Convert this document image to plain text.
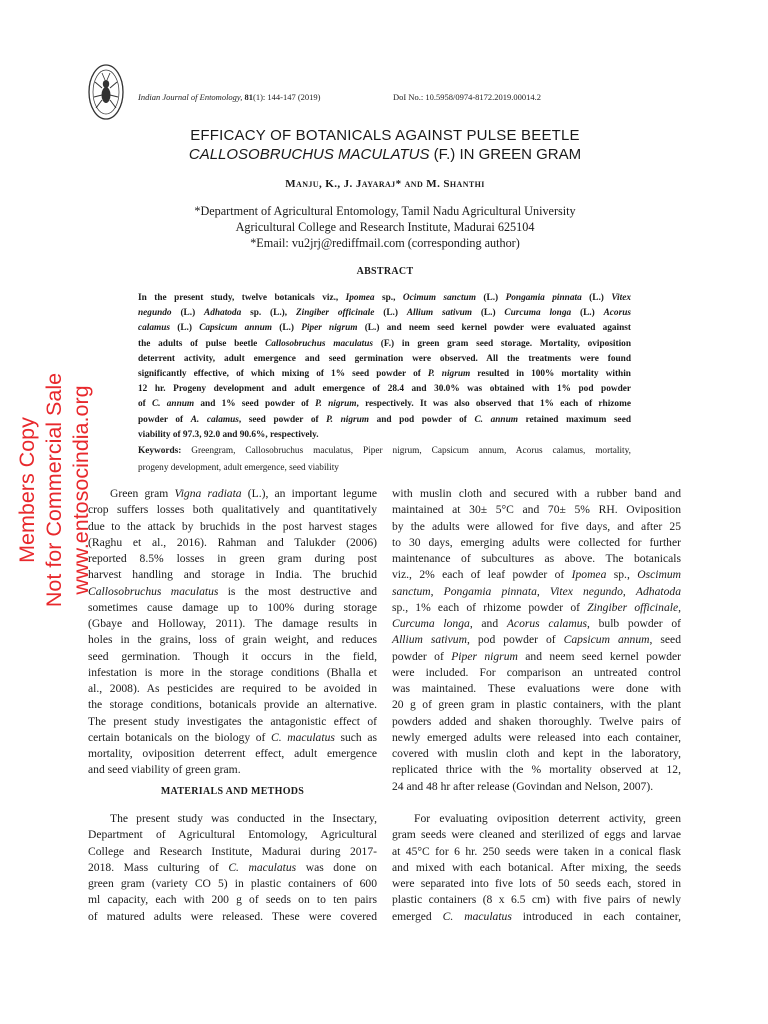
Indian Journal of Entomology, 81(1): 144-147 (2019)	DoI No.: 10.5958/0974-8172.2019.00014.2
Members Copy Not for Commercial Sale www.entosocindia.org
EFFICACY OF BOTANICALS AGAINST PULSE BEETLE
CALLOSOBRUCHUS MACULATUS (F.) IN GREEN GRAM
Manju, K., J. Jayaraj* and M. Shanthi
*Department of Agricultural Entomology, Tamil Nadu Agricultural University
Agricultural College and Research Institute, Madurai 625104
*Email: vu2jrj@rediffmail.com (corresponding author)
ABSTRACT
In the present study, twelve botanicals viz., Ipomea sp., Ocimum sanctum (L.) Pongamia pinnata (L.) Vitex
negundo (L.) Adhatoda sp. (L.), Zingiber officinale (L.) Allium sativum (L.) Curcuma longa (L.) Acorus
calamus (L.) Capsicum annum (L.) Piper nigrum (L.) and neem seed kernel powder were evaluated against
the adults of pulse beetle Callosobruchus maculatus (F.) in green gram seed storage. Mortality, oviposition
deterrent activity, adult emergence and seed germination were observed. All the treatments were found
significantly effective, of which mixing of 1% seed powder of P. nigrum resulted in 100% mortality within
12 hr. Progeny development and adult emergence of 28.4 and 30.0% was obtained with 1% pod powder
of C. annum and 1% seed powder of P. nigrum, respectively. It was also observed that 1% each of rhizome
powder of A. calamus, seed powder of P. nigrum and pod powder of C. annum retained maximum seed
viability of 97.3, 92.0 and 90.6%, respectively.
Keywords: Greengram, Callosobruchus maculatus, Piper nigrum, Capsicum annum, Acorus calamus, mortality,
progeny development, adult emergence, seed viability
Green gram Vigna radiata (L.), an important legume
crop suffers losses both qualitatively and quantitatively
due to the attack by bruchids in the post harvest stages
(Raghu et al., 2016). Rahman and Talukder (2006)
reported 8.5% losses in green gram during post
harvest handling and storage in India. The bruchid
Callosobruchus maculatus is the most destructive and
sometimes cause damage up to 100% during storage
(Gbaye and Holloway, 2011). The damage results in
holes in the grains, loss of grain weight, and reduces
seed germination. Though it occurs in the field,
infestation is more in the storage conditions (Bhalla et
al., 2008). As pesticides are required to be avoided in
the storage conditions, botanicals provide an alternative.
The present study investigates the antagonistic effect of
certain botanicals on the biology of C. maculatus such as
mortality, oviposition deterrent effect, adult emergence
and seed viability of green gram.
MATERIALS AND METHODS
The present study was conducted in the Insectary,
Department of Agricultural Entomology, Agricultural
College and Research Institute, Madurai during 2017-
2018. Mass culturing of C. maculatus was done on
green gram (variety CO 5) in plastic containers of 600
ml capacity, each with 200 g of seeds on to ten pairs
of matured adults were released. These were covered
with muslin cloth and secured with a rubber band and
maintained at 30± 5°C and 70± 5% RH. Oviposition
by the adults were allowed for five days, and after 25
to 30 days, emerging adults were collected for further
maintenance of subcultures as above. The botanicals
viz., 2% each of leaf powder of Ipomea sp., Oscimum
sanctum, Pongamia pinnata, Vitex negundo, Adhatoda
sp., 1% each of rhizome powder of Zingiber officinale,
Curcuma longa, and Acorus calamus, bulb powder of
Allium sativum, pod powder of Capsicum annum, seed
powder of Piper nigrum and neem seed kernel powder
were included. For comparison an untreated control
was maintained. These evaluations were done with
20 g of green gram in plastic containers, with the plant
powders added and shaken thoroughly. Twelve pairs of
newly emerged adults were released into each container,
covered with muslin cloth and kept in the laboratory,
replicated thrice with the % mortality observed at 12,
24 and 48 hr after release (Govindan and Nelson, 2007).
For evaluating oviposition deterrent activity, green
gram seeds were cleaned and sterilized of eggs and larvae
at 45°C for 6 hr. 250 seeds were taken in a conical flask
and mixed with each botanical. After mixing, the seeds
were separated into five lots of 50 seeds each, stored in
plastic containers (8 x 6.5 cm) with five pairs of newly
emerged C. maculatus introduced in each container,
